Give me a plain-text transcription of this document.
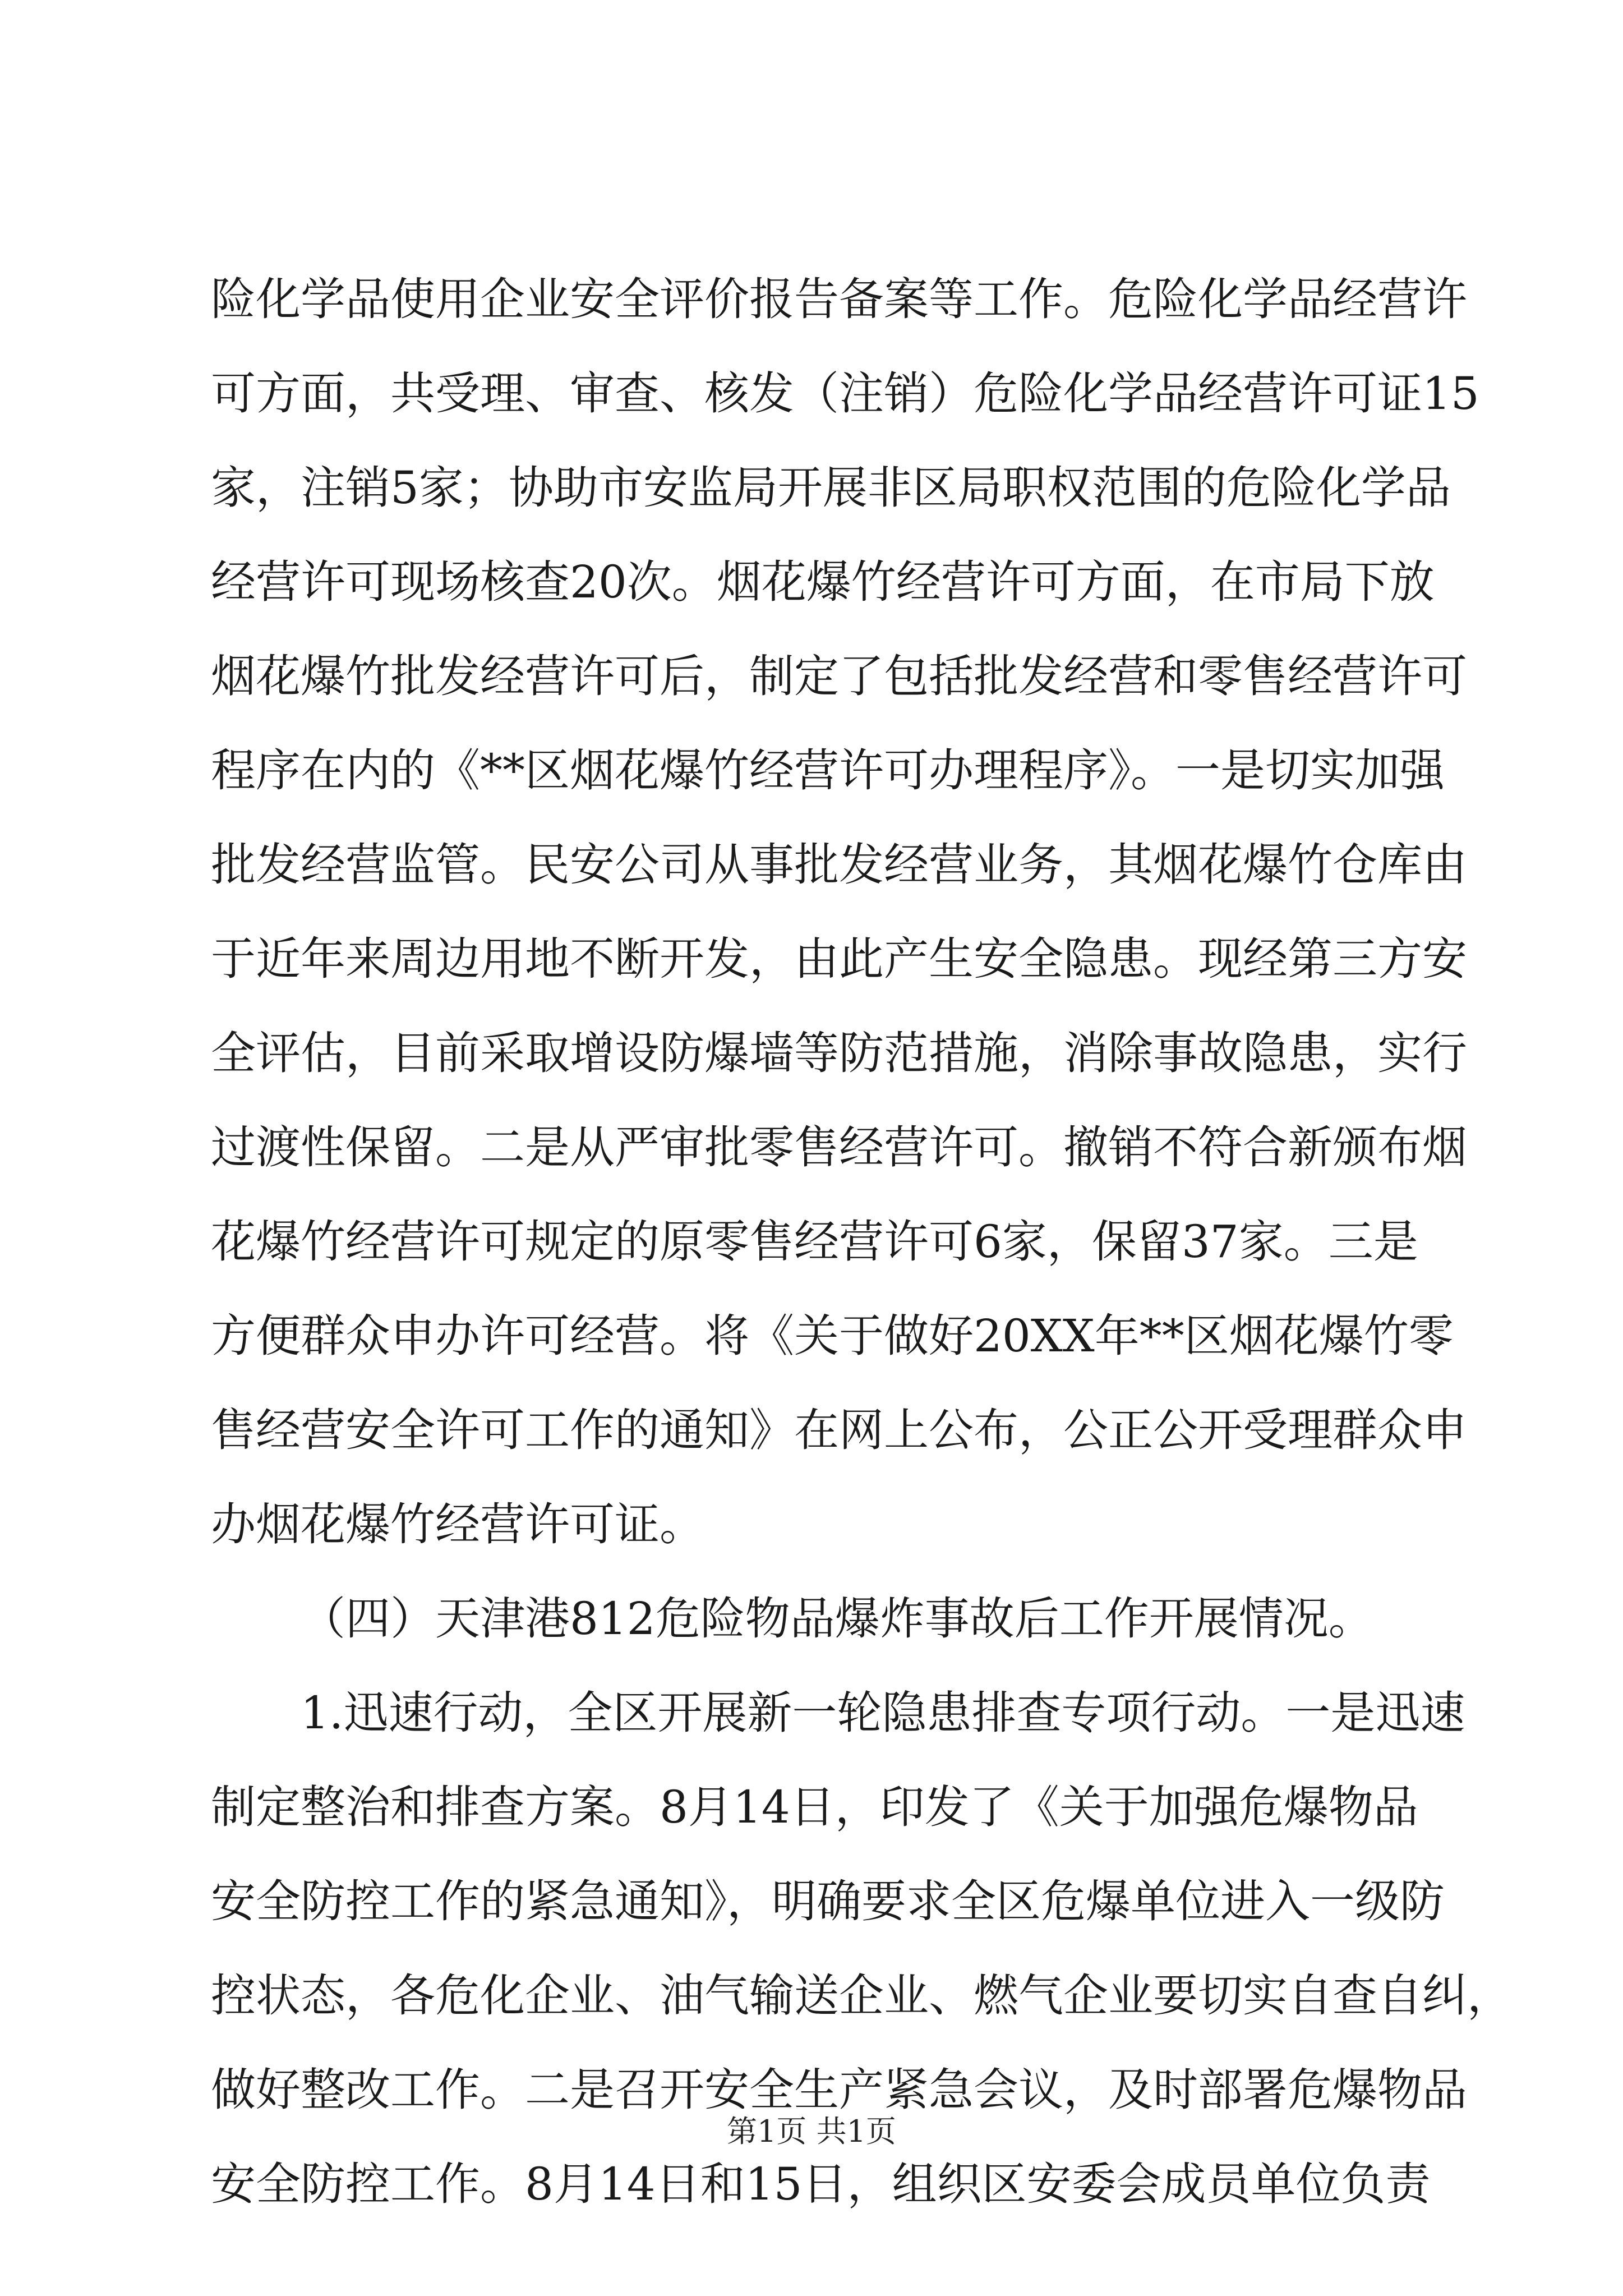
险化学品使用企业安全评价报告备案等工作。危险化学品经营许
可方面，共受理、审查、核发（注销）危险化学品经营许可证15
家，注销5家；协助市安监局开展非区局职权范围的危险化学品
经营许可现场核查20次。烟花爆竹经营许可方面，在市局下放
烟花爆竹批发经营许可后，制定了包括批发经营和零售经营许可
程序在内的《**区烟花爆竹经营许可办理程序》。一是切实加强
批发经营监管。民安公司从事批发经营业务，其烟花爆竹仓库由
于近年来周边用地不断开发，由此产生安全隐患。现经第三方安
全评估，目前采取增设防爆墙等防范措施，消除事故隐患，实行
过渡性保留。二是从严审批零售经营许可。撤销不符合新颁布烟
花爆竹经营许可规定的原零售经营许可6家，保留37家。三是
方便群众申办许可经营。将《关于做好20XX年**区烟花爆竹零
售经营安全许可工作的通知》在网上公布，公正公开受理群众申
办烟花爆竹经营许可证。
（四）天津港812危险物品爆炸事故后工作开展情况。
1.迅速行动，全区开展新一轮隐患排查专项行动。一是迅速
制定整治和排查方案。8月14日，印发了《关于加强危爆物品
安全防控工作的紧急通知》，明确要求全区危爆单位进入一级防
控状态，各危化企业、油气输送企业、燃气企业要切实自查自纠，
做好整改工作。二是召开安全生产紧急会议，及时部署危爆物品
安全防控工作。8月14日和15日，组织区安委会成员单位负责
第1页 共1页
